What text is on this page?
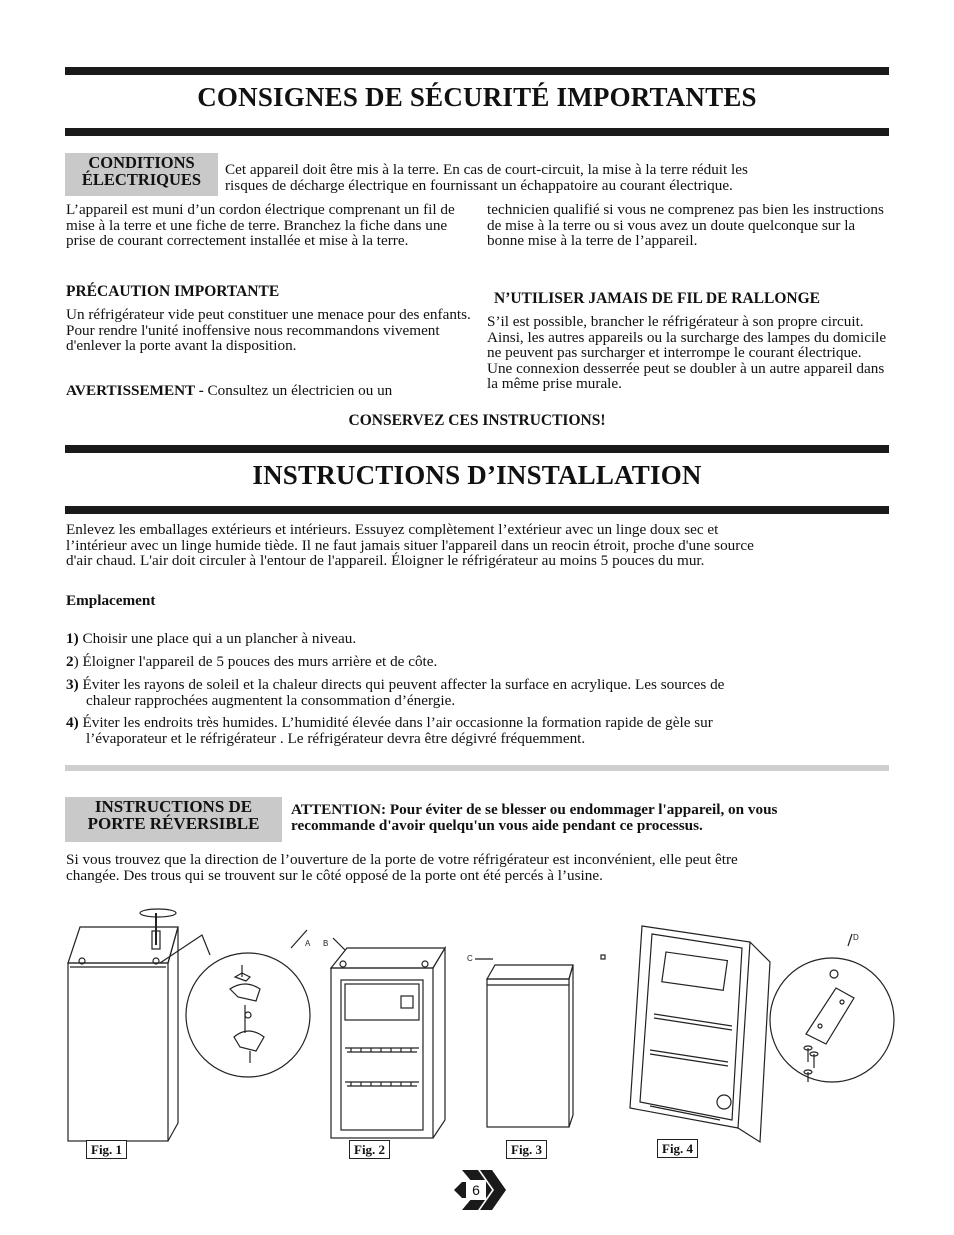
CONSIGNES DE SÉCURITÉ IMPORTANTES
CONDITIONS
ÉLECTRIQUES
Cet appareil doit être mis à la terre. En cas de court-circuit, la mise à la terre réduit les
risques de décharge électrique en fournissant un échappatoire au courant électrique.

L’appareil est muni d’un cordon électrique comprenant un fil de mise à la terre et une fiche de terre. Branchez la fiche dans une prise de courant correctement installée et mise à la terre.

PRÉCAUTION IMPORTANTE

Un réfrigérateur vide peut constituer une menace pour des enfants. Pour rendre l'unité inoffensive nous recommandons vivement d'enlever la porte avant la disposition.

AVERTISSEMENT - Consultez un électricien ou un

technicien qualifié si vous ne comprenez pas bien les instructions de mise à la terre ou si vous avez un doute quelconque sur la bonne mise à la terre de l’appareil.

N’UTILISER JAMAIS DE FIL DE RALLONGE

S’il est possible, brancher le réfrigérateur à son propre circuit. Ainsi, les autres appareils ou la surcharge des lampes du domicile ne peuvent pas surcharger et interrompe le courant électrique. Une connexion desserrée peut se doubler à un autre appareil dans la même prise murale.

CONSERVEZ CES INSTRUCTIONS!
INSTRUCTIONS D’INSTALLATION
Enlevez les emballages extérieurs et intérieurs. Essuyez complètement l’extérieur avec un linge doux sec et
l’intérieur avec un linge humide tiède. Il ne faut jamais situer l'appareil dans un reocin étroit, proche d'une source
d'air chaud. L'air doit circuler à l'entour de l'appareil. Éloigner le réfrigérateur au moins 5 pouces du mur.
Emplacement
1) Choisir une place qui a un plancher à niveau.
2) Éloigner l'appareil de 5 pouces des murs arrière et de côte.
3) Éviter les rayons de soleil et la chaleur directs qui peuvent affecter la surface en acrylique. Les sources de
chaleur rapprochées augmentent la consommation d’énergie.
4) Éviter les endroits très humides. L’humidité élevée dans l’air occasionne la formation rapide de gèle sur
l’évaporateur et le réfrigérateur . Le réfrigérateur devra être dégivré fréquemment.
INSTRUCTIONS DE
PORTE RÉVERSIBLE
ATTENTION: Pour éviter de se blesser ou endommager l'appareil, on vous
recommande d'avoir quelqu'un vous aide pendant ce processus.
Si vous trouvez que la direction de l’ouverture de la porte de votre réfrigérateur est inconvénient, elle peut être
changée. Des trous qui se trouvent sur le côté opposé de la porte ont été percés à l’usine.
Fig. 1
A B
Fig. 2
C
Fig. 3
D
Fig. 4
6
